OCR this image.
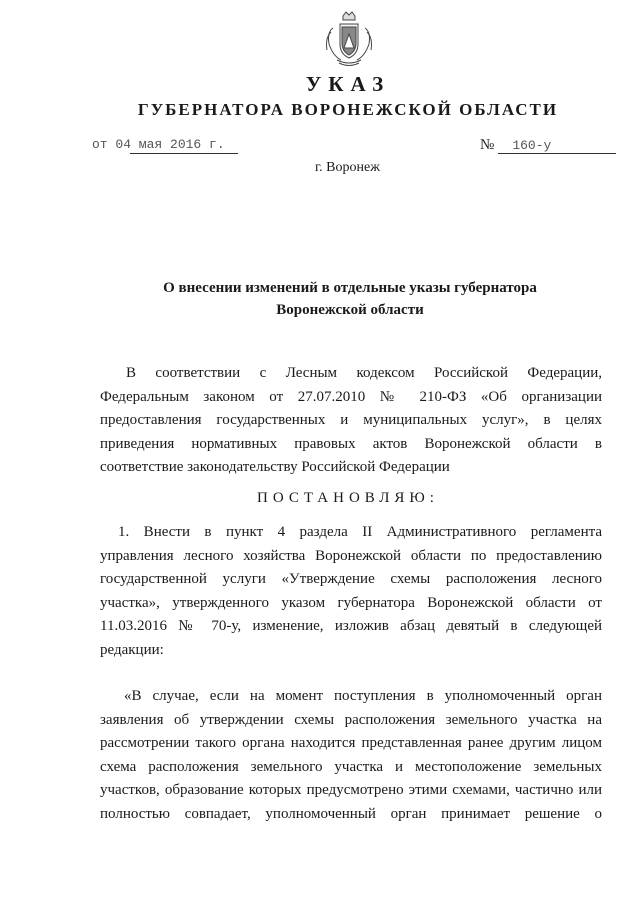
УКАЗ
ГУБЕРНАТОРА ВОРОНЕЖСКОЙ ОБЛАСТИ
от 04 мая 2016 г.	№ 160-у
г. Воронеж
О внесении изменений в отдельные указы губернатора
Воронежской области
В соответствии с Лесным кодексом Российской Федерации,
Федеральным законом от 27.07.2010 № 210-ФЗ «Об организации
предоставления государственных и муниципальных услуг», в целях
приведения нормативных правовых актов Воронежской области в
соответствие законодательству Российской Федерации
ПОСТАНОВЛЯЮ:
1. Внести в пункт 4 раздела II Административного регламента
управления лесного хозяйства Воронежской области по предоставлению
государственной услуги «Утверждение схемы расположения лесного
участка», утвержденного указом губернатора Воронежской области от
11.03.2016 № 70-у, изменение, изложив абзац девятый в следующей
редакции:
«В случае, если на момент поступления в уполномоченный орган
заявления об утверждении схемы расположения земельного участка на
рассмотрении такого органа находится представленная ранее другим лицом
схема расположения земельного участка и местоположение земельных
участков, образование которых предусмотрено этими схемами, частично или
полностью совпадает, уполномоченный орган принимает решение о
